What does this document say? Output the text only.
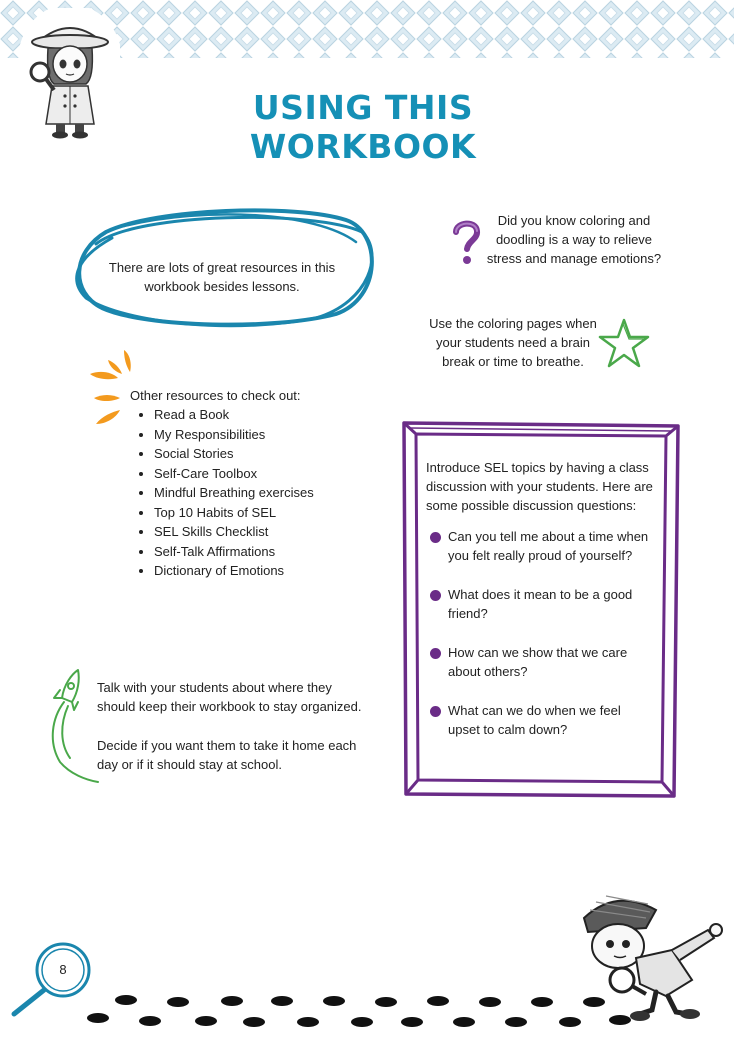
USING THIS WORKBOOK

There are lots of great resources in this workbook besides lessons.

Did you know coloring and doodling is a way to relieve stress and manage emotions?

Use the coloring pages when your students need a brain break or time to breathe.

Other resources to check out:

• Read a Book
• My Responsibilities
• Social Stories
• Self-Care Toolbox
• Mindful Breathing exercises
• Top 10 Habits of SEL
• SEL Skills Checklist
• Self-Talk Affirmations
• Dictionary of Emotions

Introduce SEL topics by having a class discussion with your students. Here are some possible discussion questions:

Can you tell me about a time when you felt really proud of yourself?
What does it mean to be a good friend?
How can we show that we care about others?
What can we do when we feel upset to calm down?

Talk with your students about where they should keep their workbook to stay organized.

Decide if you want them to take it home each day or if it should stay at school.

8
